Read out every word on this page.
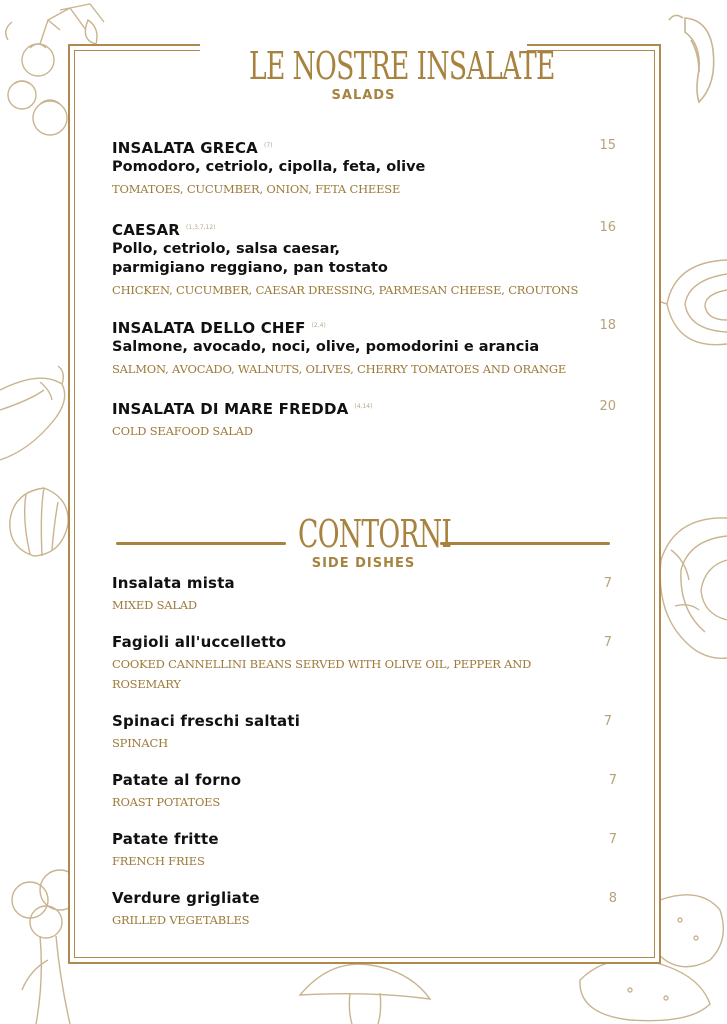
LE NOSTRE INSALATE
SALADS
INSALATA GRECA $^{(7)}$
Pomodoro, cetriolo, cipolla, feta, olive
TOMATOES, CUCUMBER, ONION, FETA CHEESE
15
CAESAR $^{(1,3,7,12)}$
Pollo, cetriolo, salsa caesar,
parmigiano reggiano, pan tostato
CHICKEN, CUCUMBER, CAESAR DRESSING, PARMESAN CHEESE, CROUTONS
16
INSALATA DELLO CHEF $^{(2,4)}$
Salmone, avocado, noci, olive, pomodorini e arancia
SALMON, AVOCADO, WALNUTS, OLIVES, CHERRY TOMATOES AND ORANGE
18
INSALATA DI MARE FREDDA $^{(4,14)}$
COLD SEAFOOD SALAD
20
CONTORNI
SIDE DISHES
Insalata mista
MIXED SALAD
7
Fagioli all'uccelletto
COOKED CANNELLINI BEANS SERVED WITH OLIVE OIL, PEPPER AND ROSEMARY
7
Spinaci freschi saltati
SPINACH
7
Patate al forno
ROAST POTATOES
7
Patate fritte
FRENCH FRIES
7
Verdure grigliate
GRILLED VEGETABLES
8
